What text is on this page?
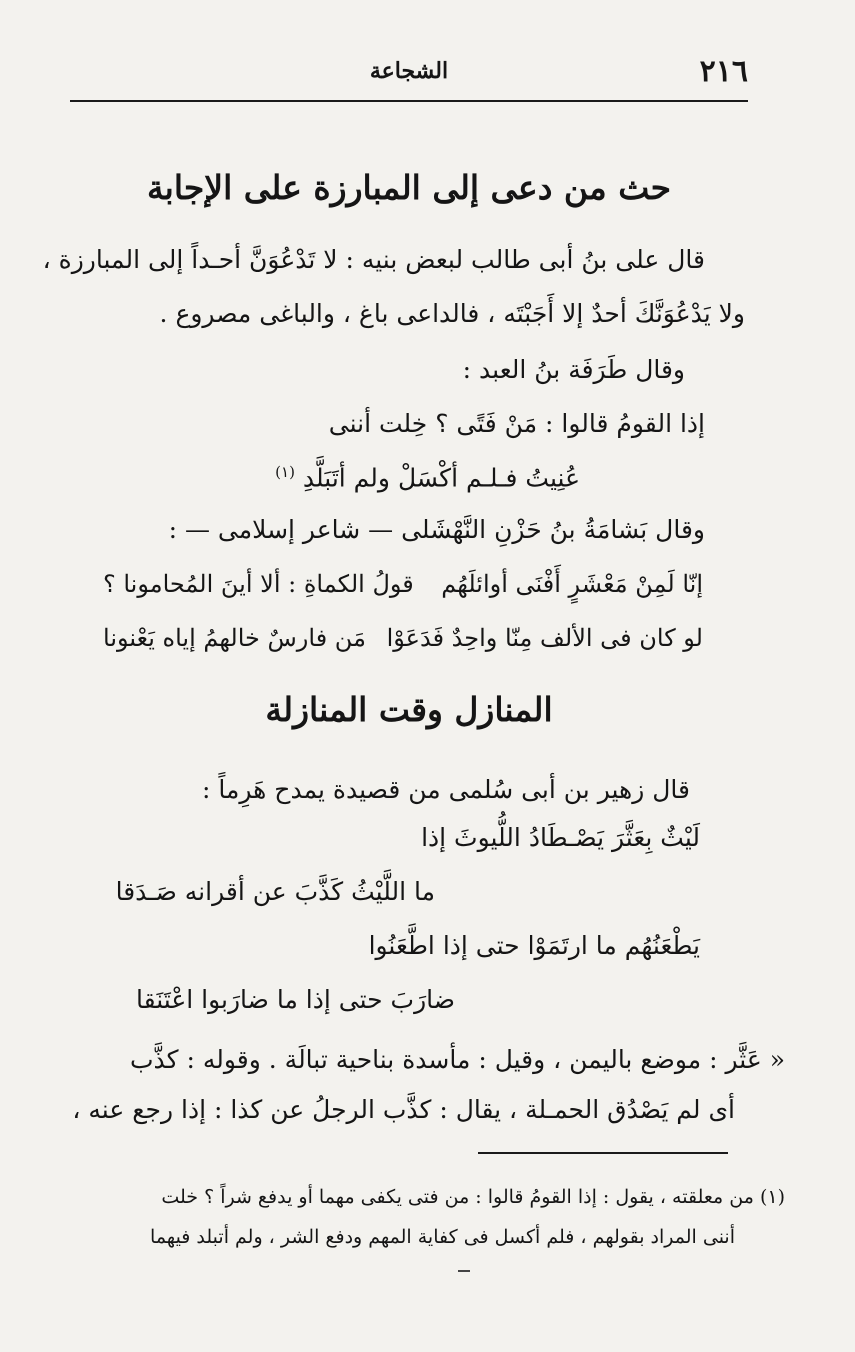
٢١٦
الشجاعة
حث من دعى إلى المبارزة على الإجابة
قال على بنُ أبى طالب لبعض بنيه : لا تَدْعُوَنَّ أحـداً إلى المبارزة ،
ولا يَدْعُوَنَّكَ أحدٌ إلا أَجَبْتَه ، فالداعى باغ ، والباغى مصروع .
وقال طَرَفَة بنُ العبد :
إذا القومُ قالوا : مَنْ فَتًى ؟ خِلت أننى
عُنِيتُ فـلـم أكْسَلْ ولم أتَبَلَّدِ $^{(١)}$
وقال بَشامَةُ بنُ حَزْنِ النَّهْشَلى — شاعر إسلامى — :
إنّا لَمِنْ مَعْشَرٍ أَفْنَى أوائلَهُم
قولُ الكماةِ : ألا أينَ المُحامونا ؟
لو كان فى الألف مِنّا واحِدٌ فَدَعَوْا
مَن فارسٌ خالهمُ إياه يَعْنونا
المنازل وقت المنازلة
قال زهير بن أبى سُلمى من قصيدة يمدح هَرِماً :
لَيْثٌ بِعَثَّرَ يَصْـطَادُ اللُّيوثَ إذا
ما اللَّيْثُ كَذَّبَ عن أقرانه صَـدَقا
يَطْعَنُهُم ما ارتَمَوْا حتى إذا اطَّعَنُوا
ضارَبَ حتى إذا ما ضارَبوا اعْتَنَقا
« عَثَّر : موضع باليمن ، وقيل : مأسدة بناحية تبالَة . وقوله : كذَّب
أى لم يَصْدُق الحمـلة ، يقال : كذَّب الرجلُ عن كذا : إذا رجع عنه ،
(١) من معلقته ، يقول : إذا القومُ قالوا : من فتى يكفى مهما أو يدفع شراً ؟ خلت
أننى المراد بقولهم ، فلم أكسل فى كفاية المهم ودفع الشر ، ولم أتبلد فيهما
